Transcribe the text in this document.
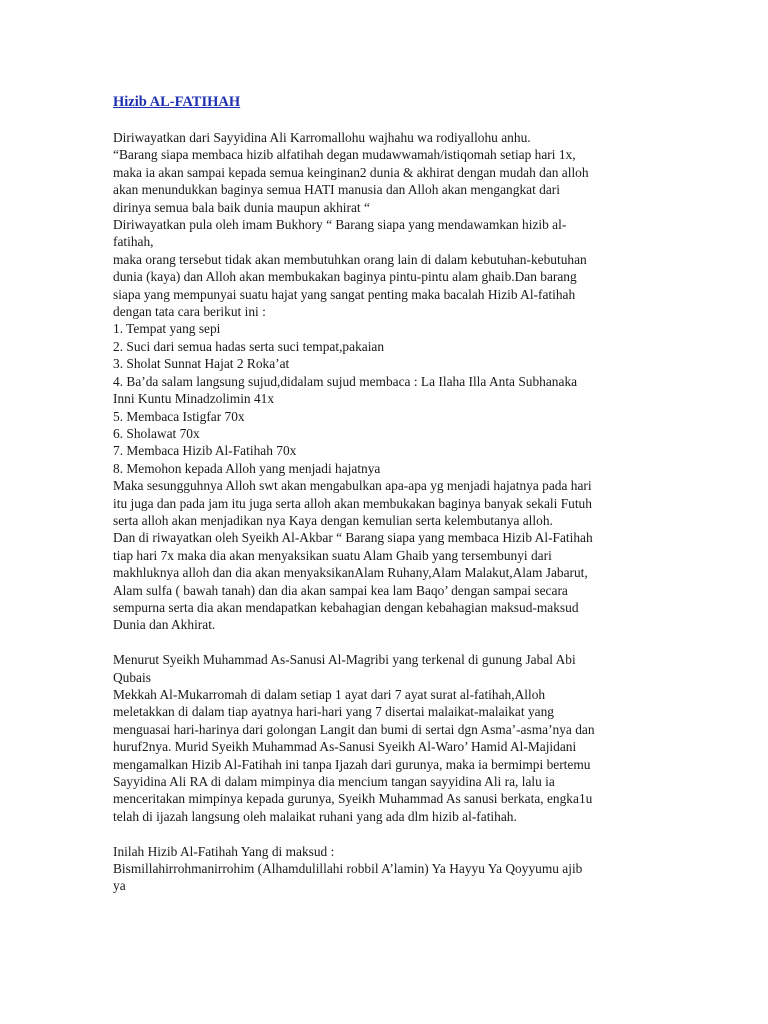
Hizib AL-FATIHAH
Diriwayatkan dari Sayyidina Ali Karromallohu wajhahu wa rodiyallohu anhu.
“Barang siapa membaca hizib alfatihah degan mudawwamah/istiqomah setiap hari 1x,
maka ia akan sampai kepada semua keinginan2 dunia & akhirat dengan mudah dan alloh
akan menundukkan baginya semua HATI manusia dan Alloh akan mengangkat dari
dirinya semua bala baik dunia maupun akhirat “
Diriwayatkan pula oleh imam Bukhory “ Barang siapa yang mendawamkan hizib al-
fatihah,
maka orang tersebut tidak akan membutuhkan orang lain di dalam kebutuhan-kebutuhan
dunia (kaya) dan Alloh akan membukakan baginya pintu-pintu alam ghaib.Dan barang
siapa yang mempunyai suatu hajat yang sangat penting maka bacalah Hizib Al-fatihah
dengan tata cara berikut ini :
1. Tempat yang sepi
2. Suci dari semua hadas serta suci tempat,pakaian
3. Sholat Sunnat Hajat 2 Roka’at
4. Ba’da salam langsung sujud,didalam sujud membaca : La Ilaha Illa Anta Subhanaka
Inni Kuntu Minadzolimin 41x
5. Membaca Istigfar 70x
6. Sholawat 70x
7. Membaca Hizib Al-Fatihah 70x
8. Memohon kepada Alloh yang menjadi hajatnya
Maka sesungguhnya Alloh swt akan mengabulkan apa-apa yg menjadi hajatnya pada hari
itu juga dan pada jam itu juga serta alloh akan membukakan baginya banyak sekali Futuh
serta alloh akan menjadikan nya Kaya dengan kemulian serta kelembutanya alloh.
Dan di riwayatkan oleh Syeikh Al-Akbar “ Barang siapa yang membaca Hizib Al-Fatihah
tiap hari 7x maka dia akan menyaksikan suatu Alam Ghaib yang tersembunyi dari
makhluknya alloh dan dia akan menyaksikanAlam Ruhany,Alam Malakut,Alam Jabarut,
Alam sulfa ( bawah tanah) dan dia akan sampai kea lam Baqo’ dengan sampai secara
sempurna serta dia akan mendapatkan kebahagian dengan kebahagian maksud-maksud
Dunia dan Akhirat.
Menurut Syeikh Muhammad As-Sanusi Al-Magribi yang terkenal di gunung Jabal Abi
Qubais
Mekkah Al-Mukarromah di dalam setiap 1 ayat dari 7 ayat surat al-fatihah,Alloh
meletakkan di dalam tiap ayatnya hari-hari yang 7 disertai malaikat-malaikat yang
menguasai hari-harinya dari golongan Langit dan bumi di sertai dgn Asma’-asma’nya dan
huruf2nya. Murid Syeikh Muhammad As-Sanusi Syeikh Al-Waro’ Hamid Al-Majidani
mengamalkan Hizib Al-Fatihah ini tanpa Ijazah dari gurunya, maka ia bermimpi bertemu
Sayyidina Ali RA di dalam mimpinya dia mencium tangan sayyidina Ali ra, lalu ia
menceritakan mimpinya kepada gurunya, Syeikh Muhammad As sanusi berkata, engka1u
telah di ijazah langsung oleh malaikat ruhani yang ada dlm hizib al-fatihah.
Inilah Hizib Al-Fatihah Yang di maksud :
Bismillahirrohmanirrohim (Alhamdulillahi robbil A’lamin) Ya Hayyu Ya Qoyyumu ajib
ya
